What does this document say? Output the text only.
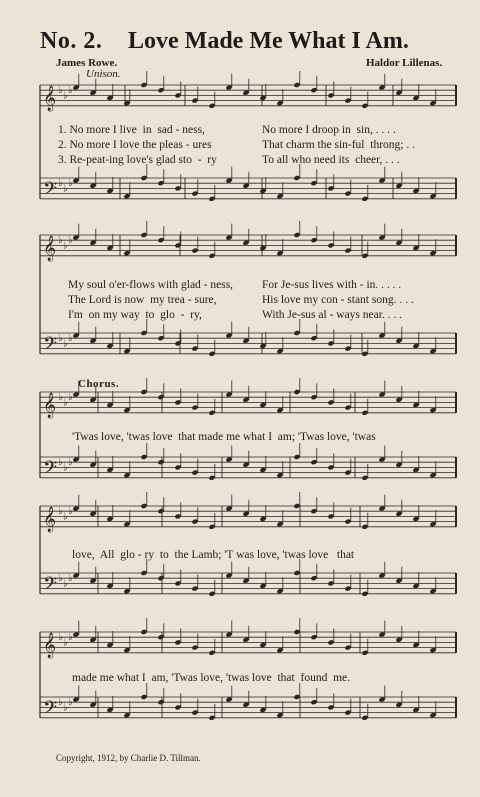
𝄞 ♭ ♭ ♭
𝄢 ♭ ♭ ♭
𝄞 ♭ ♭ ♭
𝄢 ♭ ♭ ♭
𝄞 ♭ ♭ ♭
𝄢 ♭ ♭ ♭
𝄞 ♭ ♭ ♭
𝄢 ♭ ♭ ♭
𝄞 ♭ ♭ ♭
𝄢 ♭ ♭ ♭
No. 2. Love Made Me What I Am.
James Rowe.	Haldor Lillenas.
Unison.
1. No more I live  in  sad - ness,	No more I droop in  sin, . . . .
2. No more I love the pleas - ures	That charm the sin-ful  throng; . .
3. Re-peat-ing love's glad sto  -  ry	To all who need its  cheer, . . .
My soul o'er-flows with glad - ness,	For Je-sus lives with - in. . . . .
The Lord is now  my trea - sure,	His love my con - stant song. . . .
I'm  on my way  to  glo  -  ry,	With Je-sus al - ways near. . . .
Chorus.
'Twas love, 'twas love  that made me what I  am; 'Twas love, 'twas
love,  All  glo - ry  to  the Lamb; 'T was love, 'twas love   that
made me what I  am, 'Twas love, 'twas love  that  found  me.
Copyright, 1912, by Charlie D. Tillman.
